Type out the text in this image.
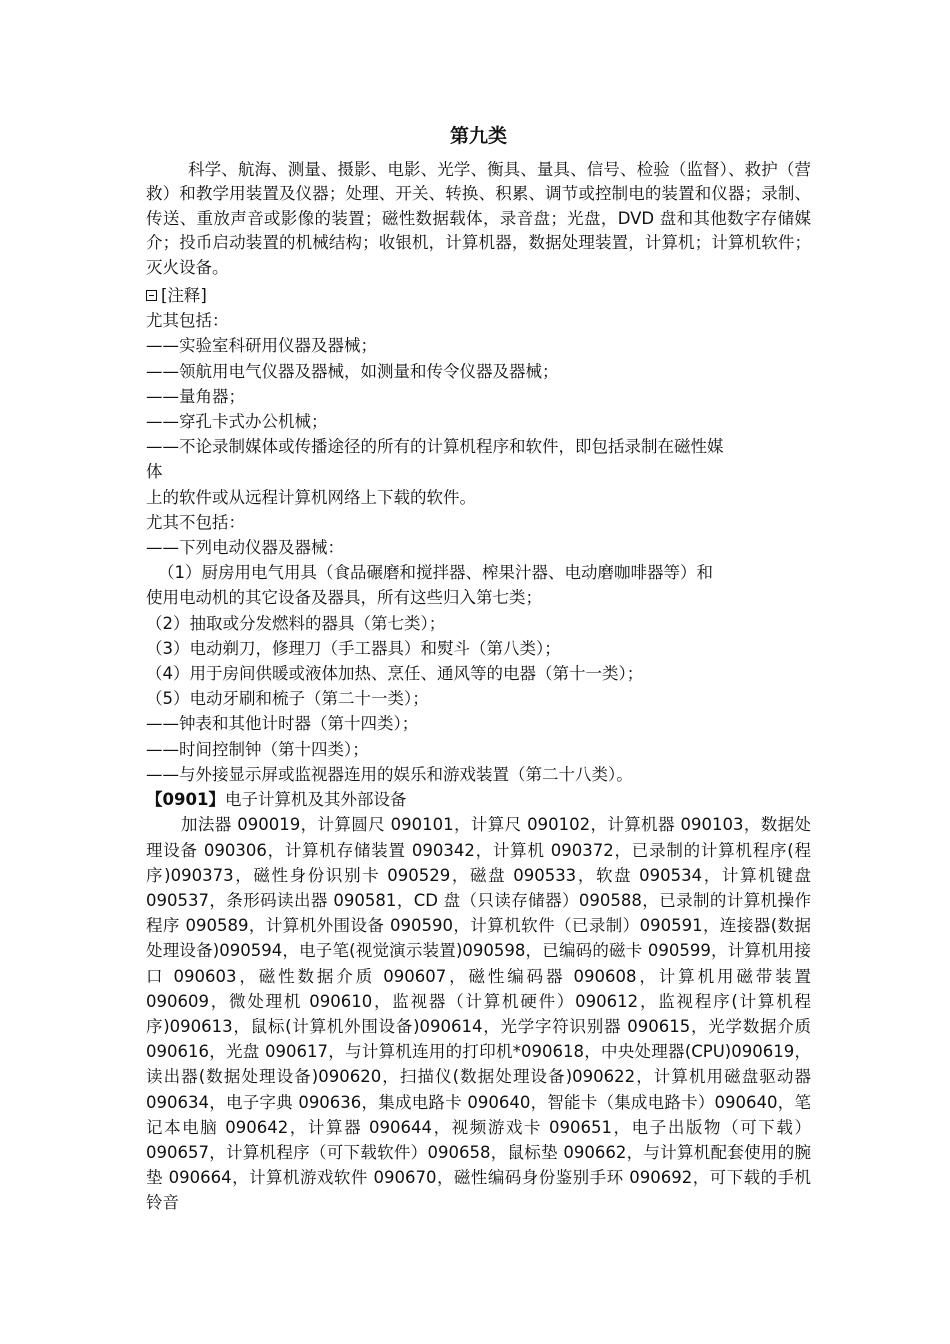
第九类

科学、航海、测量、摄影、电影、光学、衡具、量具、信号、检验（监督）、救护（营救）和教学用装置及仪器；处理、开关、转换、积累、调节或控制电的装置和仪器；录制、传送、重放声音或影像的装置；磁性数据载体，录音盘；光盘，DVD 盘和其他数字存储媒介；投币启动装置的机械结构；收银机，计算机器，数据处理装置，计算机；计算机软件；灭火设备。

[注释]

尤其包括：

——实验室科研用仪器及器械；

——领航用电气仪器及器械，如测量和传令仪器及器械；

——量角器；

——穿孔卡式办公机械；

——不论录制媒体或传播途径的所有的计算机程序和软件，即包括录制在磁性媒

体

上的软件或从远程计算机网络上下载的软件。

尤其不包括：

——下列电动仪器及器械：

（1）厨房用电气用具（食品碾磨和搅拌器、榨果汁器、电动磨咖啡器等）和

使用电动机的其它设备及器具，所有这些归入第七类；

（2）抽取或分发燃料的器具（第七类）；

（3）电动剃刀，修理刀（手工器具）和熨斗（第八类）；

（4）用于房间供暖或液体加热、烹任、通风等的电器（第十一类）；

（5）电动牙刷和梳子（第二十一类）；

——钟表和其他计时器（第十四类）；

——时间控制钟（第十四类）；

——与外接显示屏或监视器连用的娱乐和游戏装置（第二十八类）。

【0901】电子计算机及其外部设备

加法器 090019，计算圆尺 090101，计算尺 090102，计算机器 090103，数据处理设备 090306，计算机存储装置 090342，计算机 090372，已录制的计算机程序(程序)090373，磁性身份识别卡 090529，磁盘 090533，软盘 090534，计算机键盘 090537，条形码读出器 090581，CD 盘（只读存储器）090588，已录制的计算机操作程序 090589，计算机外围设备 090590，计算机软件（已录制）090591，连接器(数据处理设备)090594，电子笔(视觉演示装置)090598，已编码的磁卡 090599，计算机用接口 090603，磁性数据介质 090607，磁性编码器 090608，计算机用磁带装置 090609，微处理机 090610，监视器（计算机硬件）090612，监视程序(计算机程序)090613，鼠标(计算机外围设备)090614，光学字符识别器 090615，光学数据介质 090616，光盘 090617，与计算机连用的打印机*090618，中央处理器(CPU)090619，读出器(数据处理设备)090620，扫描仪(数据处理设备)090622，计算机用磁盘驱动器 090634，电子字典 090636，集成电路卡 090640，智能卡（集成电路卡）090640，笔记本电脑 090642，计算器 090644，视频游戏卡 090651，电子出版物（可下载）090657，计算机程序（可下载软件）090658，鼠标垫 090662，与计算机配套使用的腕垫 090664，计算机游戏软件 090670，磁性编码身份鉴别手环 090692，可下载的手机铃音
